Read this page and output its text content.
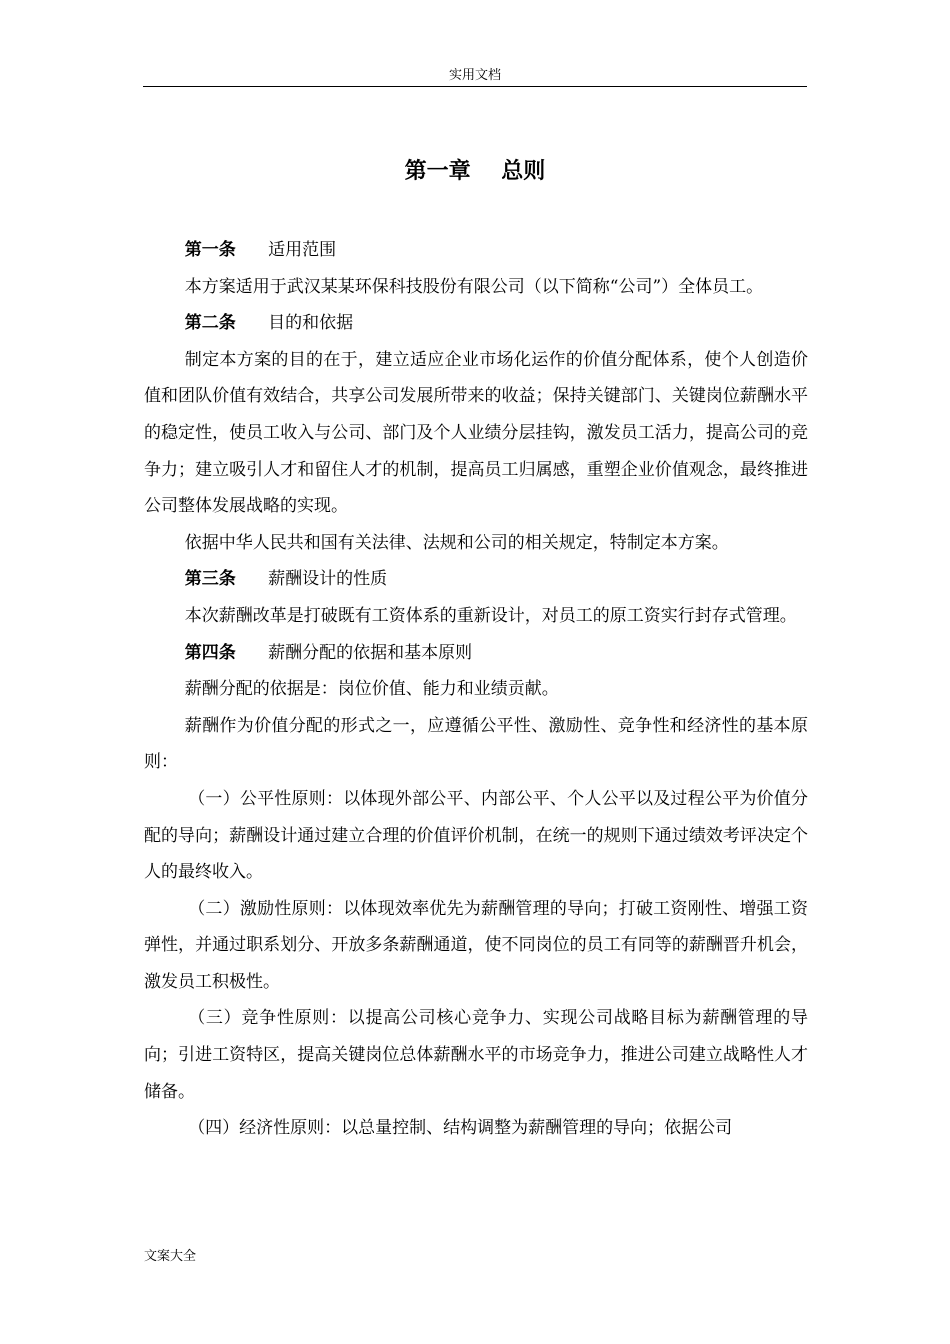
实用文档
第一章    总则

第一条 适用范围

本方案适用于武汉某某环保科技股份有限公司（以下简称“公司”）全体员工。

第二条 目的和依据

制定本方案的目的在于，建立适应企业市场化运作的价值分配体系，使个人创造价值和团队价值有效结合，共享公司发展所带来的收益；保持关键部门、关键岗位薪酬水平的稳定性，使员工收入与公司、部门及个人业绩分层挂钩，激发员工活力，提高公司的竞争力；建立吸引人才和留住人才的机制，提高员工归属感，重塑企业价值观念，最终推进公司整体发展战略的实现。

依据中华人民共和国有关法律、法规和公司的相关规定，特制定本方案。

第三条 薪酬设计的性质

本次薪酬改革是打破既有工资体系的重新设计，对员工的原工资实行封存式管理。

第四条 薪酬分配的依据和基本原则

薪酬分配的依据是：岗位价值、能力和业绩贡献。

薪酬作为价值分配的形式之一，应遵循公平性、激励性、竞争性和经济性的基本原则：

（一）公平性原则：以体现外部公平、内部公平、个人公平以及过程公平为价值分配的导向；薪酬设计通过建立合理的价值评价机制，在统一的规则下通过绩效考评决定个人的最终收入。

（二）激励性原则：以体现效率优先为薪酬管理的导向；打破工资刚性、增强工资弹性，并通过职系划分、开放多条薪酬通道，使不同岗位的员工有同等的薪酬晋升机会，激发员工积极性。

（三）竞争性原则：以提高公司核心竞争力、实现公司战略目标为薪酬管理的导向；引进工资特区，提高关键岗位总体薪酬水平的市场竞争力，推进公司建立战略性人才储备。

（四）经济性原则：以总量控制、结构调整为薪酬管理的导向；依据公司

文案大全
